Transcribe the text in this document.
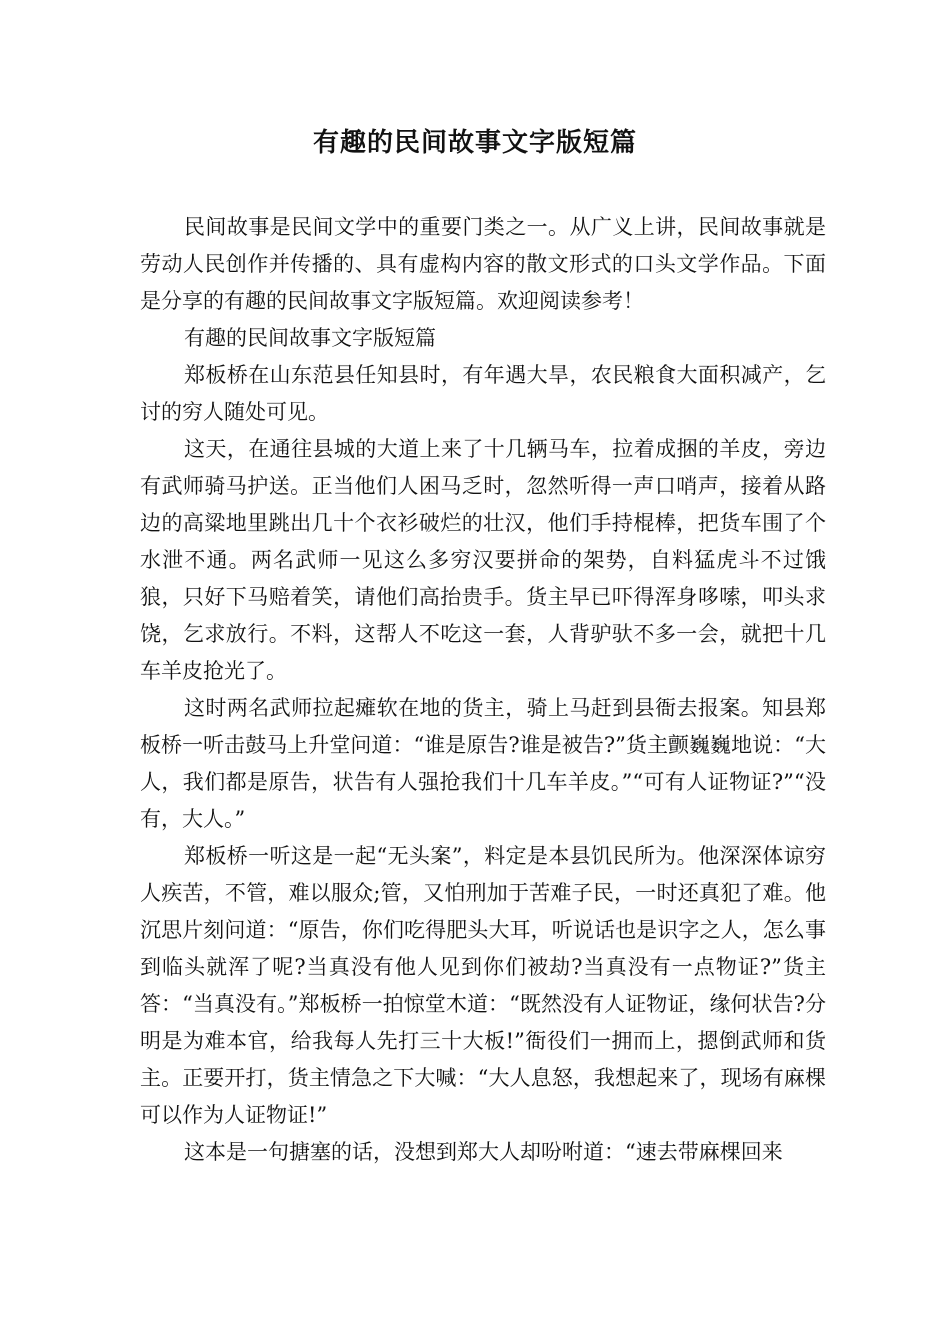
有趣的民间故事文字版短篇

民间故事是民间文学中的重要门类之一。从广义上讲，民间故事就是劳动人民创作并传播的、具有虚构内容的散文形式的口头文学作品。下面是分享的有趣的民间故事文字版短篇。欢迎阅读参考！

有趣的民间故事文字版短篇

郑板桥在山东范县任知县时，有年遇大旱，农民粮食大面积减产，乞讨的穷人随处可见。

这天，在通往县城的大道上来了十几辆马车，拉着成捆的羊皮，旁边有武师骑马护送。正当他们人困马乏时，忽然听得一声口哨声，接着从路边的高粱地里跳出几十个衣衫破烂的壮汉，他们手持棍棒，把货车围了个水泄不通。两名武师一见这么多穷汉要拼命的架势，自料猛虎斗不过饿狼，只好下马赔着笑，请他们高抬贵手。货主早已吓得浑身哆嗦，叩头求饶，乞求放行。不料，这帮人不吃这一套，人背驴驮不多一会，就把十几车羊皮抢光了。

这时两名武师拉起瘫软在地的货主，骑上马赶到县衙去报案。知县郑板桥一听击鼓马上升堂问道：“谁是原告?谁是被告?”货主颤巍巍地说：“大人，我们都是原告，状告有人强抢我们十几车羊皮。”“可有人证物证?”“没有，大人。”

郑板桥一听这是一起“无头案”，料定是本县饥民所为。他深深体谅穷人疾苦，不管，难以服众;管，又怕刑加于苦难子民，一时还真犯了难。他沉思片刻问道：“原告，你们吃得肥头大耳，听说话也是识字之人，怎么事到临头就浑了呢?当真没有他人见到你们被劫?当真没有一点物证?”货主答：“当真没有。”郑板桥一拍惊堂木道：“既然没有人证物证，缘何状告?分明是为难本官，给我每人先打三十大板!”衙役们一拥而上，摁倒武师和货主。正要开打，货主情急之下大喊：“大人息怒，我想起来了，现场有麻棵可以作为人证物证!”

这本是一句搪塞的话，没想到郑大人却吩咐道：“速去带麻棵回来
